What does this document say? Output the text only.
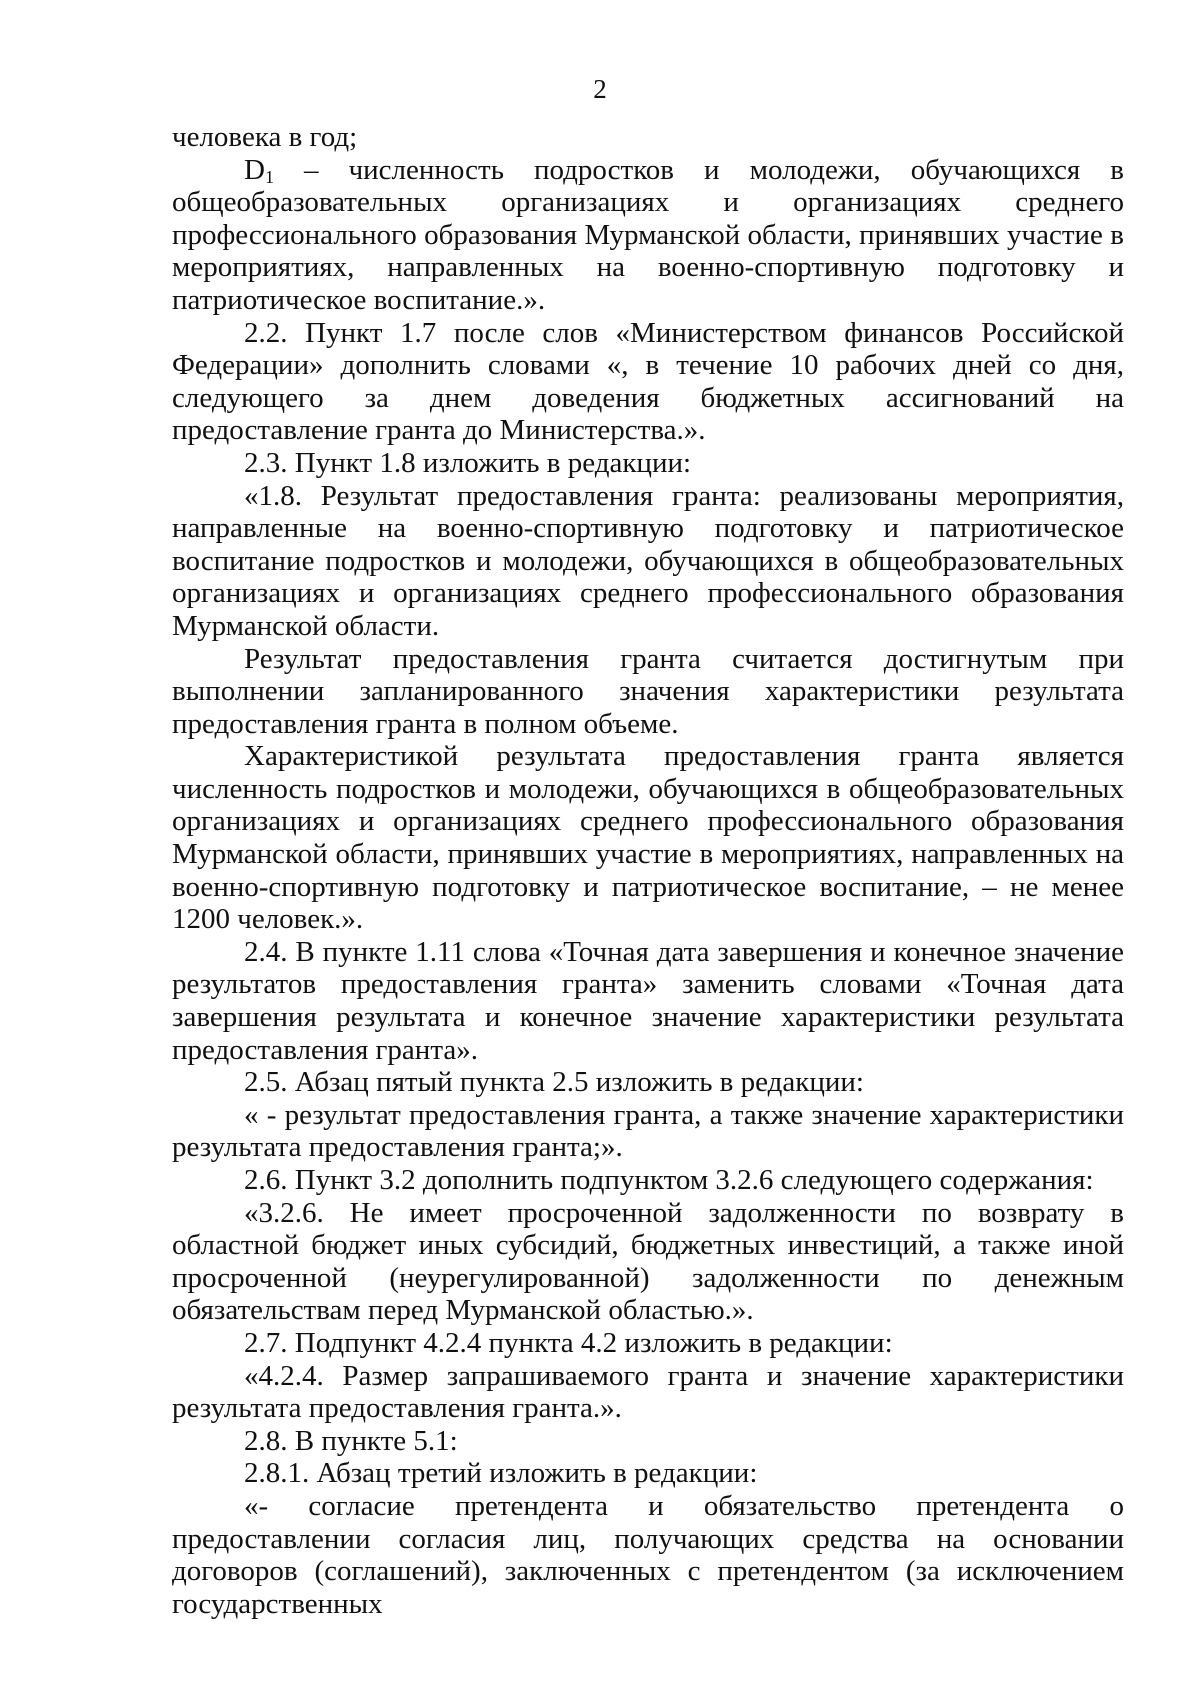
2

человека в год;

$D_1$ – численность подростков и молодежи, обучающихся в общеобразовательных организациях и организациях среднего профессионального образования Мурманской области, принявших участие в мероприятиях, направленных на военно-спортивную подготовку и патриотическое воспитание.».

2.2. Пункт 1.7 после слов «Министерством финансов Российской Федерации» дополнить словами «, в течение 10 рабочих дней со дня, следующего за днем доведения бюджетных ассигнований на предоставление гранта до Министерства.».

2.3. Пункт 1.8 изложить в редакции:

«1.8. Результат предоставления гранта: реализованы мероприятия, направленные на военно-спортивную подготовку и патриотическое воспитание подростков и молодежи, обучающихся в общеобразовательных организациях и организациях среднего профессионального образования Мурманской области.

Результат предоставления гранта считается достигнутым при выполнении запланированного значения характеристики результата предоставления гранта в полном объеме.

Характеристикой результата предоставления гранта является численность подростков и молодежи, обучающихся в общеобразовательных организациях и организациях среднего профессионального образования Мурманской области, принявших участие в мероприятиях, направленных на военно-спортивную подготовку и патриотическое воспитание, – не менее 1200 человек.».

2.4. В пункте 1.11 слова «Точная дата завершения и конечное значение результатов предоставления гранта» заменить словами «Точная дата завершения результата и конечное значение характеристики результата предоставления гранта».

2.5. Абзац пятый пункта 2.5 изложить в редакции:

« - результат предоставления гранта, а также значение характеристики результата предоставления гранта;».

2.6. Пункт 3.2 дополнить подпунктом 3.2.6 следующего содержания:

«3.2.6. Не имеет просроченной задолженности по возврату в областной бюджет иных субсидий, бюджетных инвестиций, а также иной просроченной (неурегулированной) задолженности по денежным обязательствам перед Мурманской областью.».

2.7. Подпункт 4.2.4 пункта 4.2 изложить в редакции:

«4.2.4. Размер запрашиваемого гранта и значение характеристики результата предоставления гранта.».

2.8. В пункте 5.1:

2.8.1. Абзац третий изложить в редакции:

«- согласие претендента и обязательство претендента о предоставлении согласия лиц, получающих средства на основании договоров (соглашений), заключенных с претендентом (за исключением государственных
